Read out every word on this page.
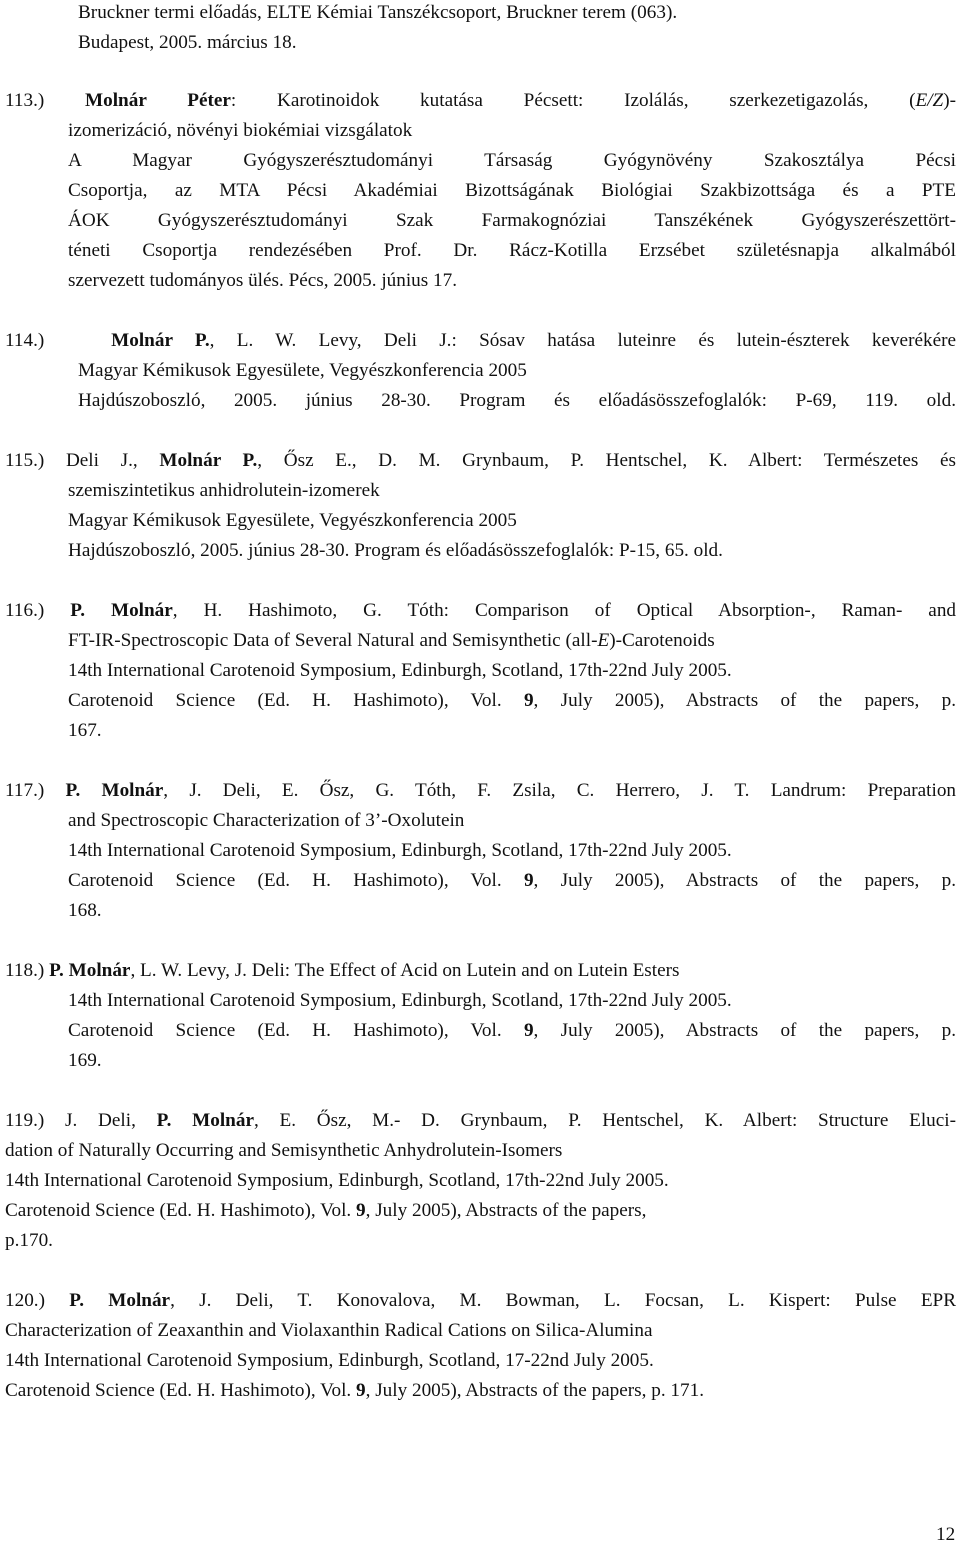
Bruckner termi előadás, ELTE Kémiai Tanszékcsoport, Bruckner terem (063).
Budapest, 2005. március 18.
113.) Molnár Péter: Karotinoidok kutatása Pécsett: Izolálás, szerkezetigazolás, (E/Z)-
izomerizáció, növényi biokémiai vizsgálatok
A Magyar Gyógyszerésztudományi Társaság Gyógynövény Szakosztálya Pécsi
Csoportja, az MTA Pécsi Akadémiai Bizottságának Biológiai Szakbizottsága és a PTE
ÁOK Gyógyszerésztudományi Szak Farmakognóziai Tanszékének Gyógyszerészettört-
téneti Csoportja rendezésében Prof. Dr. Rácz-Kotilla Erzsébet születésnapja alkalmából
szervezett tudományos ülés. Pécs, 2005. június 17.
114.)	Molnár P., L. W. Levy, Deli J.: Sósav hatása luteinre és lutein-észterek keverékére
Magyar Kémikusok Egyesülete, Vegyészkonferencia 2005
Hajdúszoboszló, 2005. június 28-30. Program és előadásösszefoglalók: P-69, 119. old.
115.) Deli J., Molnár P., Ősz E., D. M. Grynbaum, P. Hentschel, K. Albert: Természetes és
szemiszintetikus anhidrolutein-izomerek
Magyar Kémikusok Egyesülete, Vegyészkonferencia 2005
Hajdúszoboszló, 2005. június 28-30. Program és előadásösszefoglalók: P-15, 65. old.
116.) P. Molnár, H. Hashimoto, G. Tóth: Comparison of Optical Absorption-, Raman- and
FT-IR-Spectroscopic Data of Several Natural and Semisynthetic (all-E)-Carotenoids
14th International Carotenoid Symposium, Edinburgh, Scotland, 17th-22nd July 2005.
Carotenoid Science (Ed. H. Hashimoto), Vol. 9, July 2005), Abstracts of the papers, p.
167.
117.) P. Molnár, J. Deli, E. Ősz, G. Tóth, F. Zsila, C. Herrero, J. T. Landrum: Preparation
and Spectroscopic Characterization of 3’-Oxolutein
14th International Carotenoid Symposium, Edinburgh, Scotland, 17th-22nd July 2005.
Carotenoid Science (Ed. H. Hashimoto), Vol. 9, July 2005), Abstracts of the papers, p.
168.
118.) P. Molnár, L. W. Levy, J. Deli: The Effect of Acid on Lutein and on Lutein Esters
14th International Carotenoid Symposium, Edinburgh, Scotland, 17th-22nd July 2005.
Carotenoid Science (Ed. H. Hashimoto), Vol. 9, July 2005), Abstracts of the papers, p.
169.
119.) J. Deli, P. Molnár, E. Ősz, M.- D. Grynbaum, P. Hentschel, K. Albert: Structure Eluci-
dation of Naturally Occurring and Semisynthetic Anhydrolutein-Isomers
14th International Carotenoid Symposium, Edinburgh, Scotland, 17th-22nd July 2005.
Carotenoid Science (Ed. H. Hashimoto), Vol. 9, July 2005), Abstracts of the papers,
p.170.
120.) P. Molnár, J. Deli, T. Konovalova, M. Bowman, L. Focsan, L. Kispert: Pulse EPR
Characterization of Zeaxanthin and Violaxanthin Radical Cations on Silica-Alumina
14th International Carotenoid Symposium, Edinburgh, Scotland, 17-22nd July 2005.
Carotenoid Science (Ed. H. Hashimoto), Vol. 9, July 2005), Abstracts of the papers, p. 171.
12
